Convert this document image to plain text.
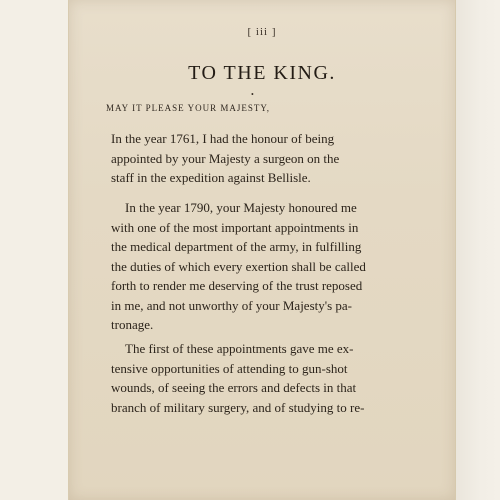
[ iii ]
TO THE KING.
•
MAY IT PLEASE YOUR MAJESTY,
In the year 1761, I had the honour of being
appointed by your Majesty a surgeon on the
staff in the expedition against Bellisle.
In the year 1790, your Majesty honoured me
with one of the most important appointments in
the medical department of the army, in fulfilling
the duties of which every exertion shall be called
forth to render me deserving of the trust reposed
in me, and not unworthy of your Majesty's pa-
tronage.
The first of these appointments gave me ex-
tensive opportunities of attending to gun-shot
wounds, of seeing the errors and defects in that
branch of military surgery, and of studying to re-
